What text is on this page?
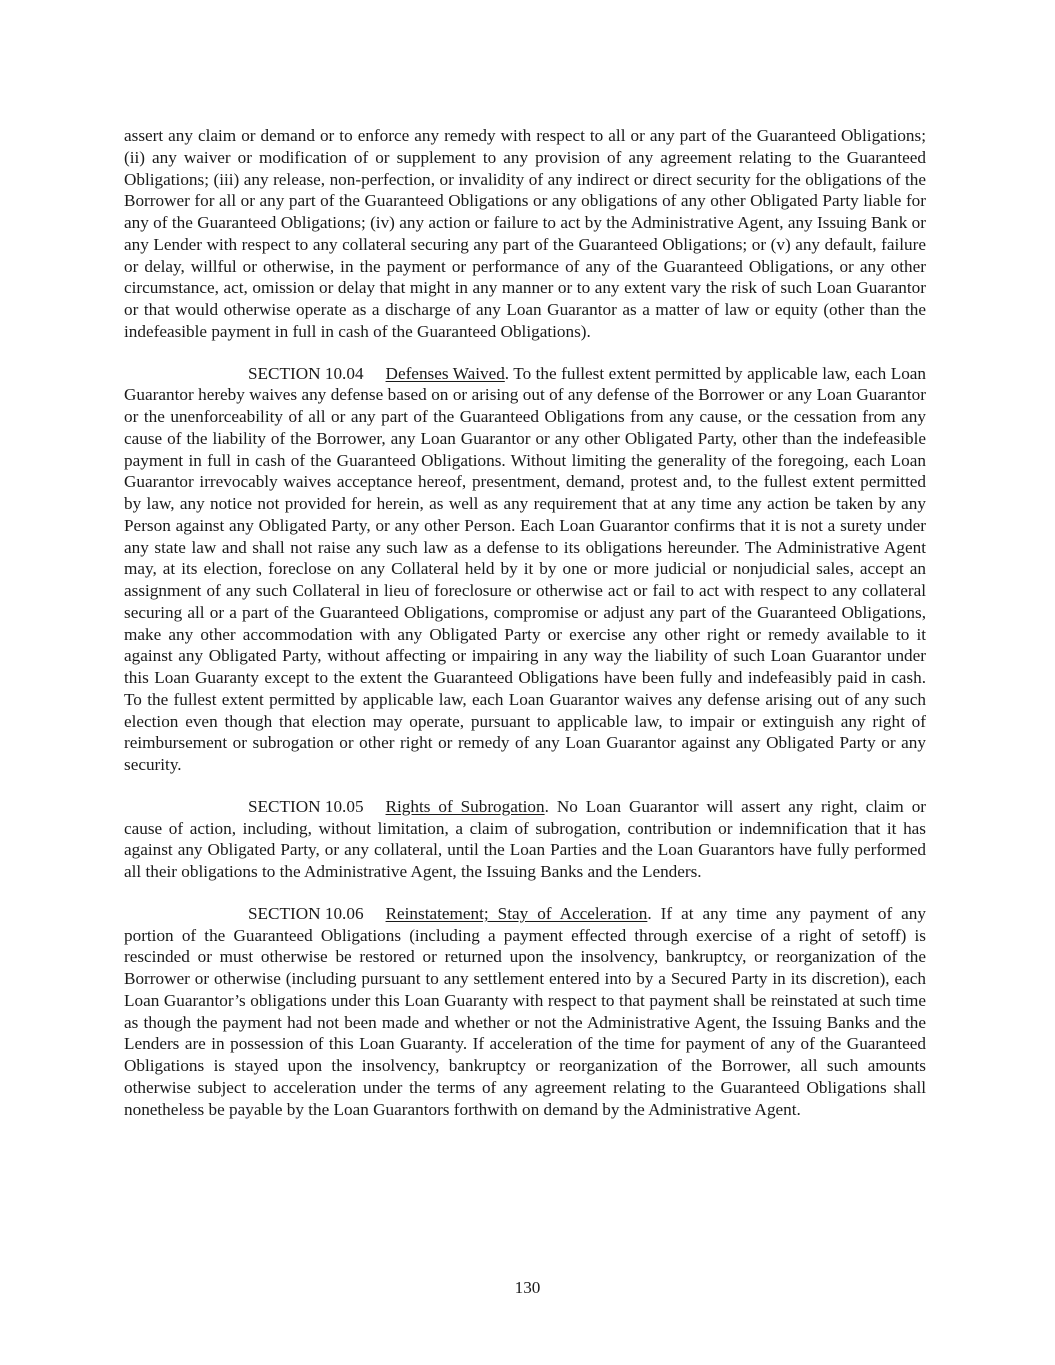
assert any claim or demand or to enforce any remedy with respect to all or any part of the Guaranteed Obligations; (ii) any waiver or modification of or supplement to any provision of any agreement relating to the Guaranteed Obligations; (iii) any release, non-perfection, or invalidity of any indirect or direct security for the obligations of the Borrower for all or any part of the Guaranteed Obligations or any obligations of any other Obligated Party liable for any of the Guaranteed Obligations; (iv) any action or failure to act by the Administrative Agent, any Issuing Bank or any Lender with respect to any collateral securing any part of the Guaranteed Obligations; or (v) any default, failure or delay, willful or otherwise, in the payment or performance of any of the Guaranteed Obligations, or any other circumstance, act, omission or delay that might in any manner or to any extent vary the risk of such Loan Guarantor or that would otherwise operate as a discharge of any Loan Guarantor as a matter of law or equity (other than the indefeasible payment in full in cash of the Guaranteed Obligations).

SECTION 10.04 Defenses Waived. To the fullest extent permitted by applicable law, each Loan Guarantor hereby waives any defense based on or arising out of any defense of the Borrower or any Loan Guarantor or the unenforceability of all or any part of the Guaranteed Obligations from any cause, or the cessation from any cause of the liability of the Borrower, any Loan Guarantor or any other Obligated Party, other than the indefeasible payment in full in cash of the Guaranteed Obligations. Without limiting the generality of the foregoing, each Loan Guarantor irrevocably waives acceptance hereof, presentment, demand, protest and, to the fullest extent permitted by law, any notice not provided for herein, as well as any requirement that at any time any action be taken by any Person against any Obligated Party, or any other Person. Each Loan Guarantor confirms that it is not a surety under any state law and shall not raise any such law as a defense to its obligations hereunder. The Administrative Agent may, at its election, foreclose on any Collateral held by it by one or more judicial or nonjudicial sales, accept an assignment of any such Collateral in lieu of foreclosure or otherwise act or fail to act with respect to any collateral securing all or a part of the Guaranteed Obligations, compromise or adjust any part of the Guaranteed Obligations, make any other accommodation with any Obligated Party or exercise any other right or remedy available to it against any Obligated Party, without affecting or impairing in any way the liability of such Loan Guarantor under this Loan Guaranty except to the extent the Guaranteed Obligations have been fully and indefeasibly paid in cash. To the fullest extent permitted by applicable law, each Loan Guarantor waives any defense arising out of any such election even though that election may operate, pursuant to applicable law, to impair or extinguish any right of reimbursement or subrogation or other right or remedy of any Loan Guarantor against any Obligated Party or any security.

SECTION 10.05 Rights of Subrogation. No Loan Guarantor will assert any right, claim or cause of action, including, without limitation, a claim of subrogation, contribution or indemnification that it has against any Obligated Party, or any collateral, until the Loan Parties and the Loan Guarantors have fully performed all their obligations to the Administrative Agent, the Issuing Banks and the Lenders.

SECTION 10.06 Reinstatement; Stay of Acceleration. If at any time any payment of any portion of the Guaranteed Obligations (including a payment effected through exercise of a right of setoff) is rescinded or must otherwise be restored or returned upon the insolvency, bankruptcy, or reorganization of the Borrower or otherwise (including pursuant to any settlement entered into by a Secured Party in its discretion), each Loan Guarantor’s obligations under this Loan Guaranty with respect to that payment shall be reinstated at such time as though the payment had not been made and whether or not the Administrative Agent, the Issuing Banks and the Lenders are in possession of this Loan Guaranty. If acceleration of the time for payment of any of the Guaranteed Obligations is stayed upon the insolvency, bankruptcy or reorganization of the Borrower, all such amounts otherwise subject to acceleration under the terms of any agreement relating to the Guaranteed Obligations shall nonetheless be payable by the Loan Guarantors forthwith on demand by the Administrative Agent.

130
